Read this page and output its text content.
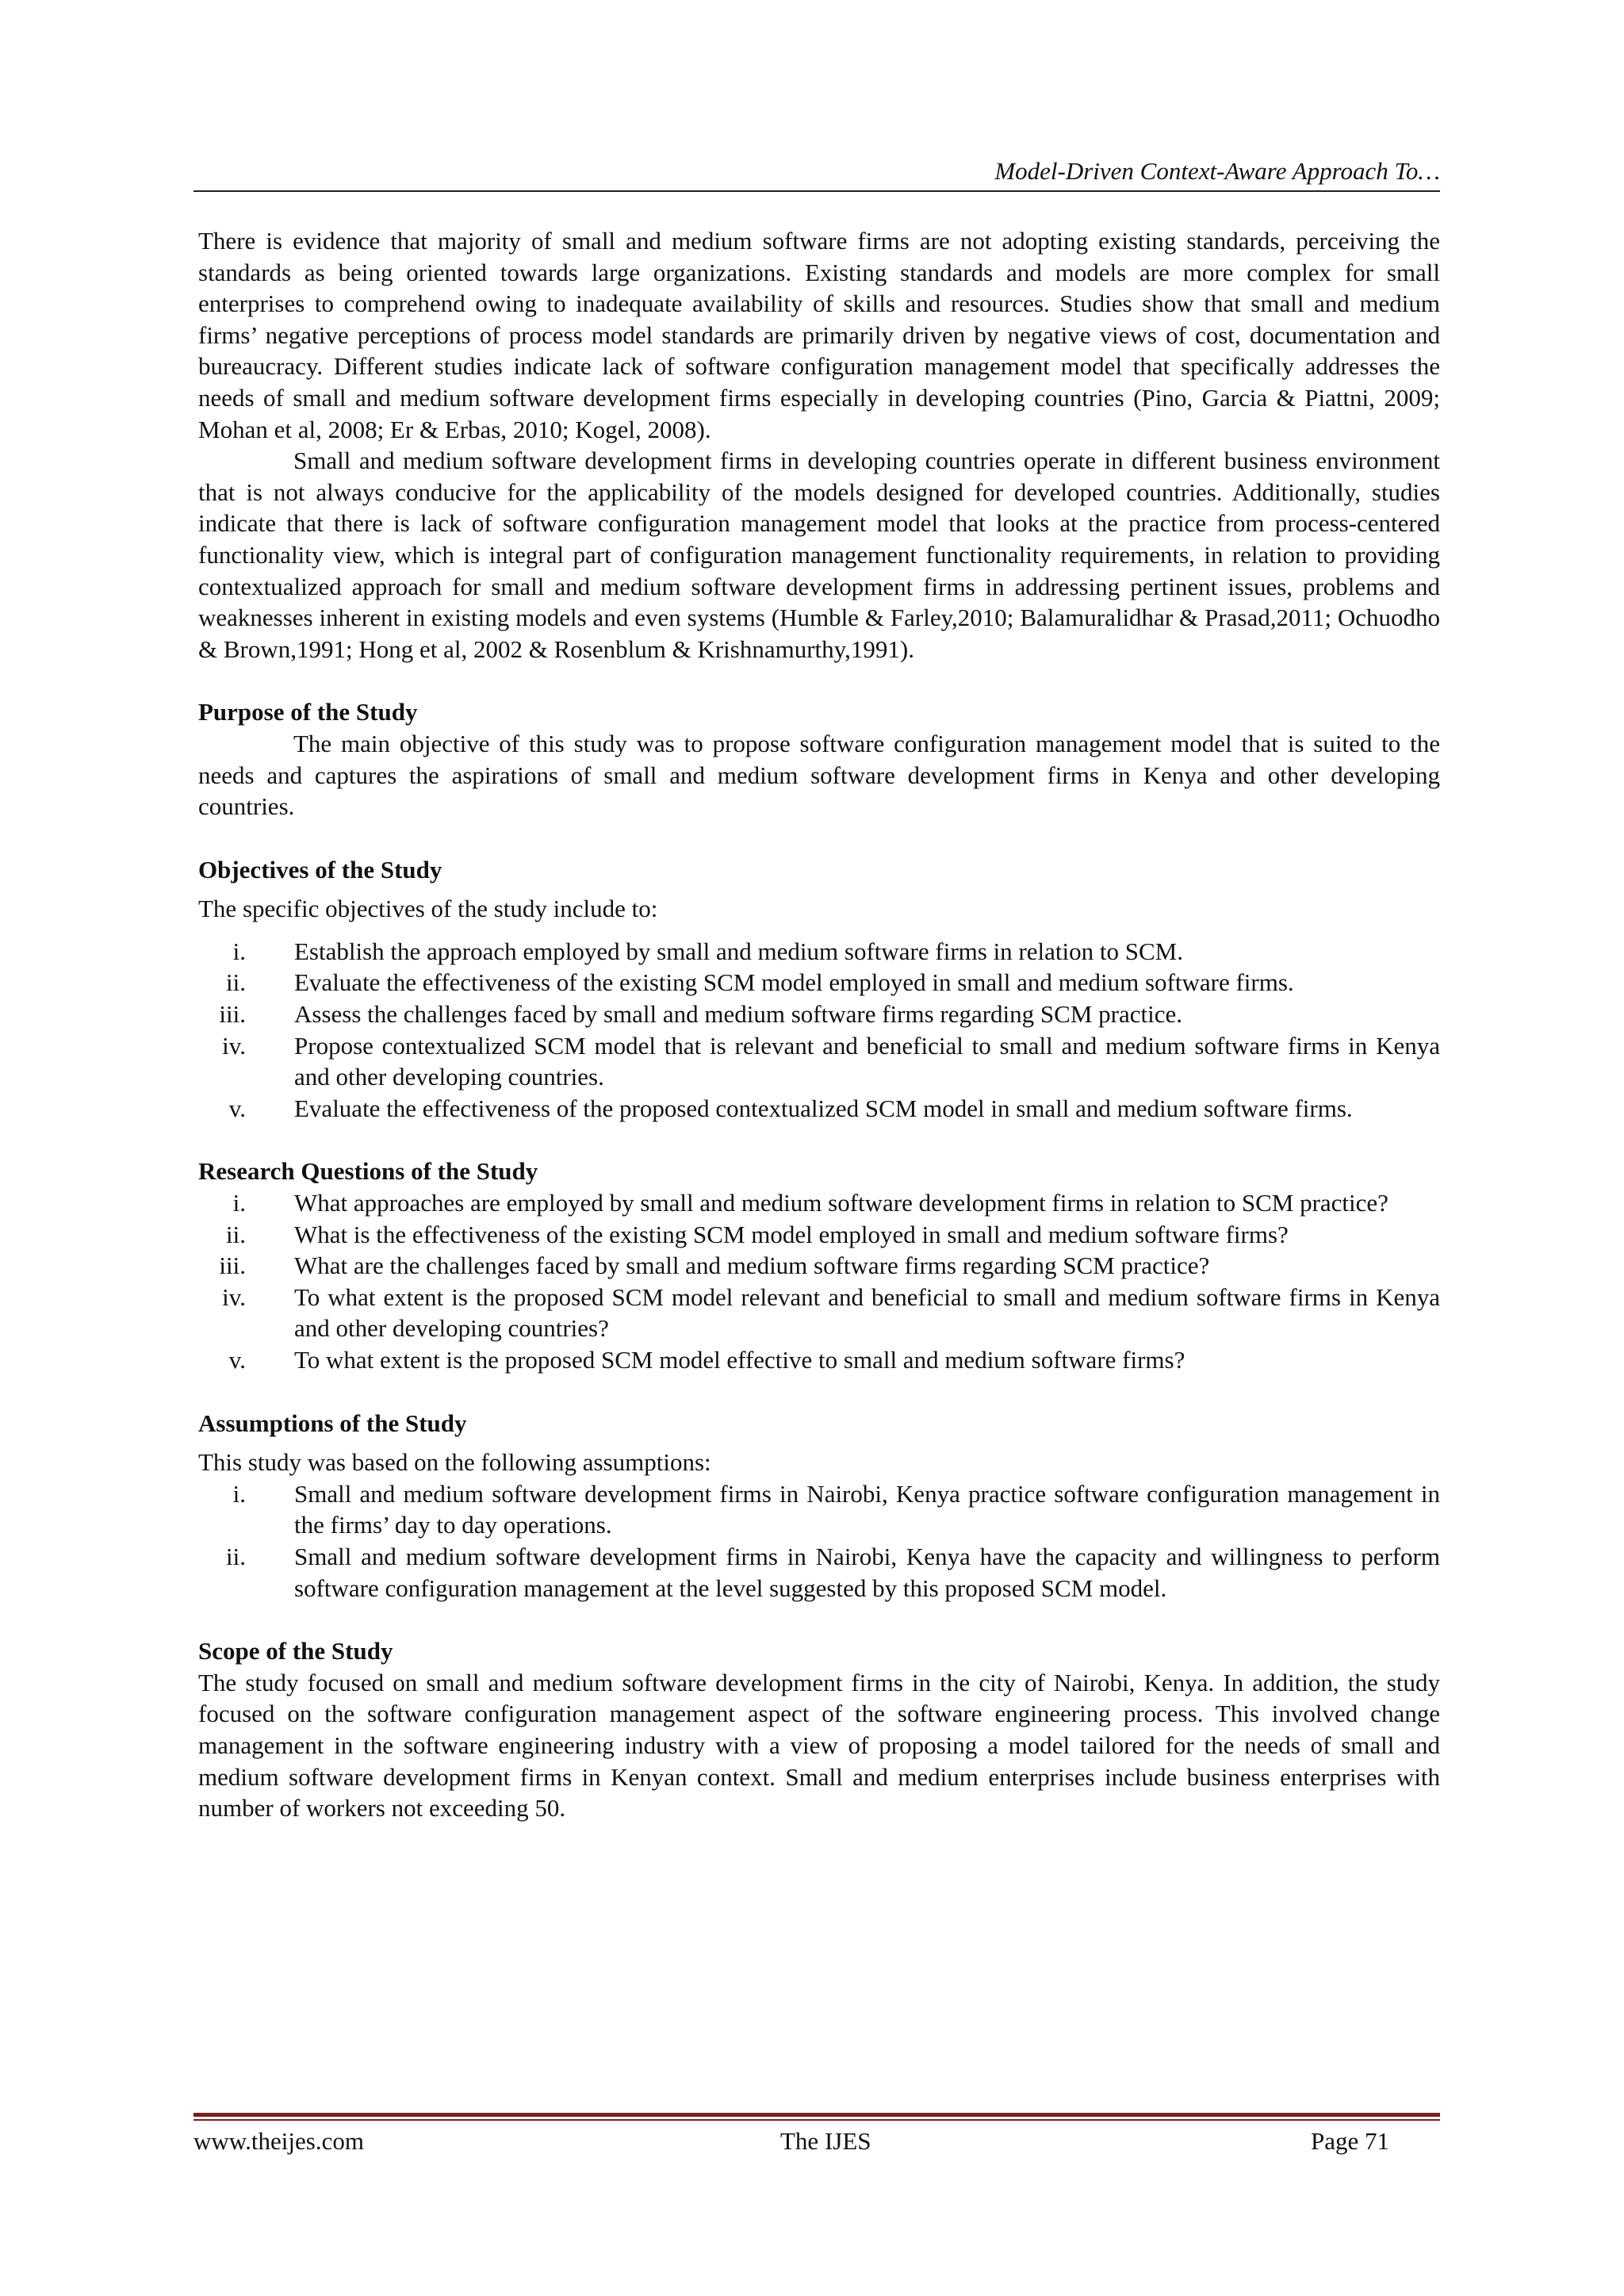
Model-Driven Context-Aware Approach To…

There is evidence that majority of small and medium software firms are not adopting existing standards, perceiving the standards as being oriented towards large organizations. Existing standards and models are more complex for small enterprises to comprehend owing to inadequate availability of skills and resources. Studies show that small and medium firms’ negative perceptions of process model standards are primarily driven by negative views of cost, documentation and bureaucracy. Different studies indicate lack of software configuration management model that specifically addresses the needs of small and medium software development firms especially in developing countries (Pino, Garcia & Piattni, 2009; Mohan et al, 2008; Er & Erbas, 2010; Kogel, 2008).

Small and medium software development firms in developing countries operate in different business environment that is not always conducive for the applicability of the models designed for developed countries. Additionally, studies indicate that there is lack of software configuration management model that looks at the practice from process-centered functionality view, which is integral part of configuration management functionality requirements, in relation to providing contextualized approach for small and medium software development firms in addressing pertinent issues, problems and weaknesses inherent in existing models and even systems (Humble & Farley,2010; Balamuralidhar & Prasad,2011; Ochuodho & Brown,1991; Hong et al, 2002 & Rosenblum & Krishnamurthy,1991).

Purpose of the Study

The main objective of this study was to propose software configuration management model that is suited to the needs and captures the aspirations of small and medium software development firms in Kenya and other developing countries.

Objectives of the Study

The specific objectives of the study include to:

i.	Establish the approach employed by small and medium software firms in relation to SCM.
ii.	Evaluate the effectiveness of the existing SCM model employed in small and medium software firms.
iii.	Assess the challenges faced by small and medium software firms regarding SCM practice.
iv.	Propose contextualized SCM model that is relevant and beneficial to small and medium software firms in Kenya and other developing countries.
v.	Evaluate the effectiveness of the proposed contextualized SCM model in small and medium software firms.
Research Questions of the Study
i.	What approaches are employed by small and medium software development firms in relation to SCM practice?
ii.	What is the effectiveness of the existing SCM model employed in small and medium software firms?
iii.	What are the challenges faced by small and medium software firms regarding SCM practice?
iv.	To what extent is the proposed SCM model relevant and beneficial to small and medium software firms in Kenya and other developing countries?
v.	To what extent is the proposed SCM model effective to small and medium software firms?
Assumptions of the Study

This study was based on the following assumptions:

i.	Small and medium software development firms in Nairobi, Kenya practice software configuration management in the firms’ day to day operations.
ii.	Small and medium software development firms in Nairobi, Kenya have the capacity and willingness to perform software configuration management at the level suggested by this proposed SCM model.
Scope of the Study

The study focused on small and medium software development firms in the city of Nairobi, Kenya. In addition, the study focused on the software configuration management aspect of the software engineering process. This involved change management in the software engineering industry with a view of proposing a model tailored for the needs of small and medium software development firms in Kenyan context. Small and medium enterprises include business enterprises with number of workers not exceeding 50.

www.theijes.com	The IJES	Page 71
